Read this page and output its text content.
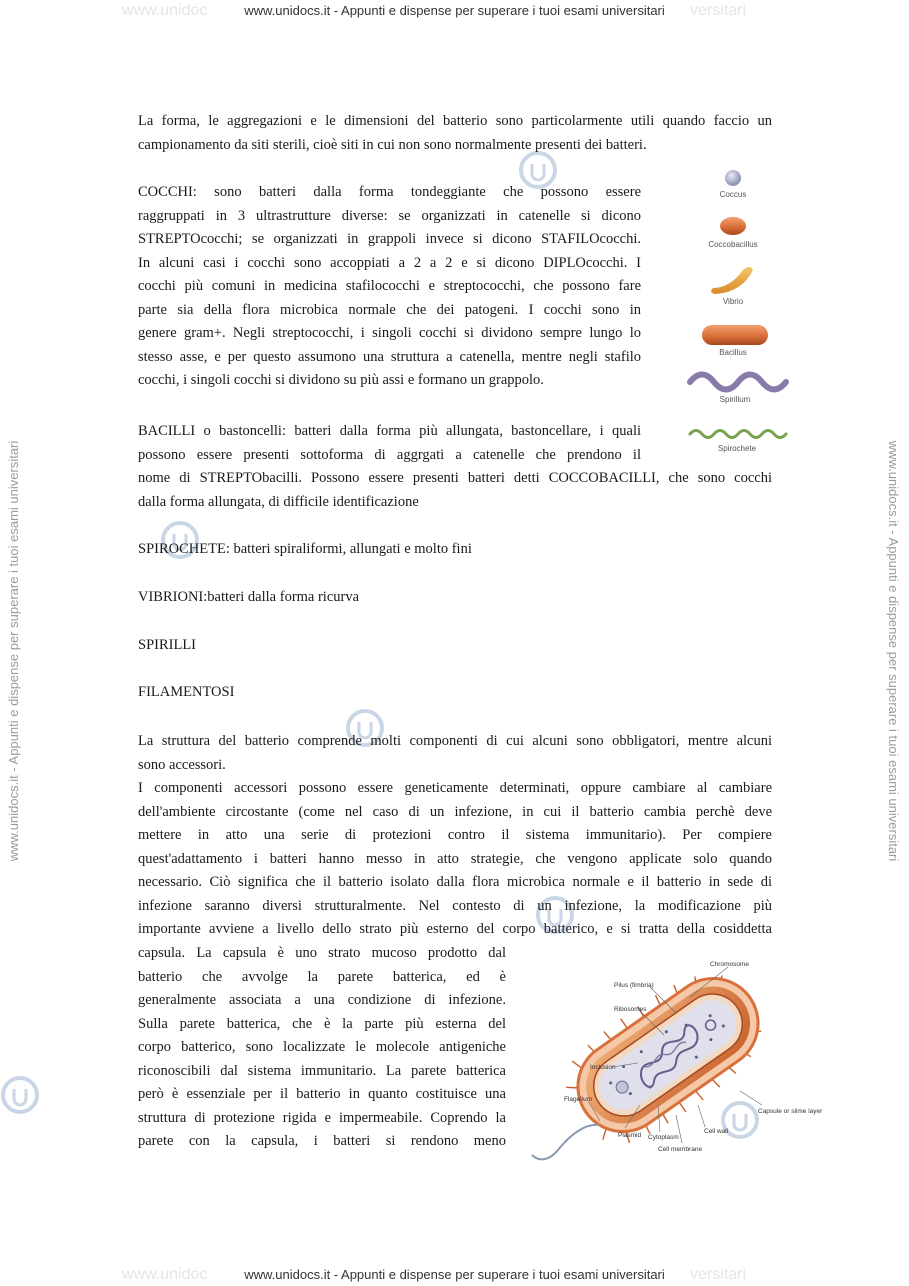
www.unidoc	versitari
www.unidoc	versitari
www.unidocs.it - Appunti e dispense per superare i tuoi esami universitari
www.unidocs.it - Appunti e dispense per superare i tuoi esami universitari
www.unidocs.it - Appunti e dispense per superare i tuoi esami universitari	www.unidocs.it - Appunti e dispense per superare i tuoi esami universitari
La forma, le aggregazioni e le dimensioni del batterio sono particolarmente utili quando faccio un
campionamento da siti sterili, cioè siti in cui non sono normalmente presenti dei batteri.
COCCHI: sono batteri dalla forma tondeggiante che possono essere
raggruppati in 3 ultrastrutture diverse: se organizzati in catenelle si dicono
STREPTOcocchi; se organizzati in grappoli invece si dicono STAFILOcocchi.
In alcuni casi i cocchi sono accoppiati a 2 a 2 e si dicono DIPLOcocchi. I
cocchi più comuni in medicina stafilococchi e streptococchi, che possono fare
parte sia della flora microbica normale che dei patogeni. I cocchi sono in
genere gram+. Negli streptococchi, i singoli cocchi si dividono sempre lungo lo
stesso asse, e per questo assumono una struttura a catenella, mentre negli stafilo
cocchi, i singoli cocchi si dividono su più assi e formano un grappolo.
BACILLI o bastoncelli: batteri dalla forma più allungata, bastoncellare, i quali
possono essere presenti sottoforma di aggrgati a catenelle che prendono il
nome di STREPTObacilli. Possono essere presenti batteri detti COCCOBACILLI, che sono cocchi
dalla forma allungata, di difficile identificazione
SPIROCHETE: batteri spiraliformi, allungati e molto fini
VIBRIONI:batteri dalla forma ricurva
SPIRILLI
FILAMENTOSI
La struttura del batterio comprende molti componenti di cui alcuni sono obbligatori, mentre alcuni
sono accessori.
I componenti accessori possono essere geneticamente determinati, oppure cambiare al cambiare
dell'ambiente circostante (come nel caso di un infezione, in cui il batterio cambia perchè deve
mettere in atto una serie di protezioni contro il sistema immunitario). Per compiere
quest'adattamento i batteri hanno messo in atto strategie, che vengono applicate solo quando
necessario. Ciò significa che il batterio isolato dalla flora microbica normale e il batterio in sede di
infezione saranno diversi strutturalmente. Nel contesto di un infezione, la modificazione più
importante avviene a livello dello strato più esterno del corpo batterico, e si tratta della cosiddetta
capsula. La capsula è uno strato mucoso prodotto dal
batterio che avvolge la parete batterica, ed è
generalmente associata a una condizione di infezione.
Sulla parete batterica, che è la parte più esterna del
corpo batterico, sono localizzate le molecole antigeniche
riconoscibili dal sistema immunitario. La parete batterica
però è essenziale per il batterio in quanto costituisce una
struttura di protezione rigida e impermeabile. Coprendo la
parete con la capsula, i batteri si rendono meno
Coccus
Coccobacillus
Vibrio
Bacillus
Spirillum
Spirochete
Chromosome
Pilus (fimbria)
Ribosomes
Inclusion
Flagellum
Plasmid Cytoplasm
Cell membrane
Cell wall
Capsule or slime layer
